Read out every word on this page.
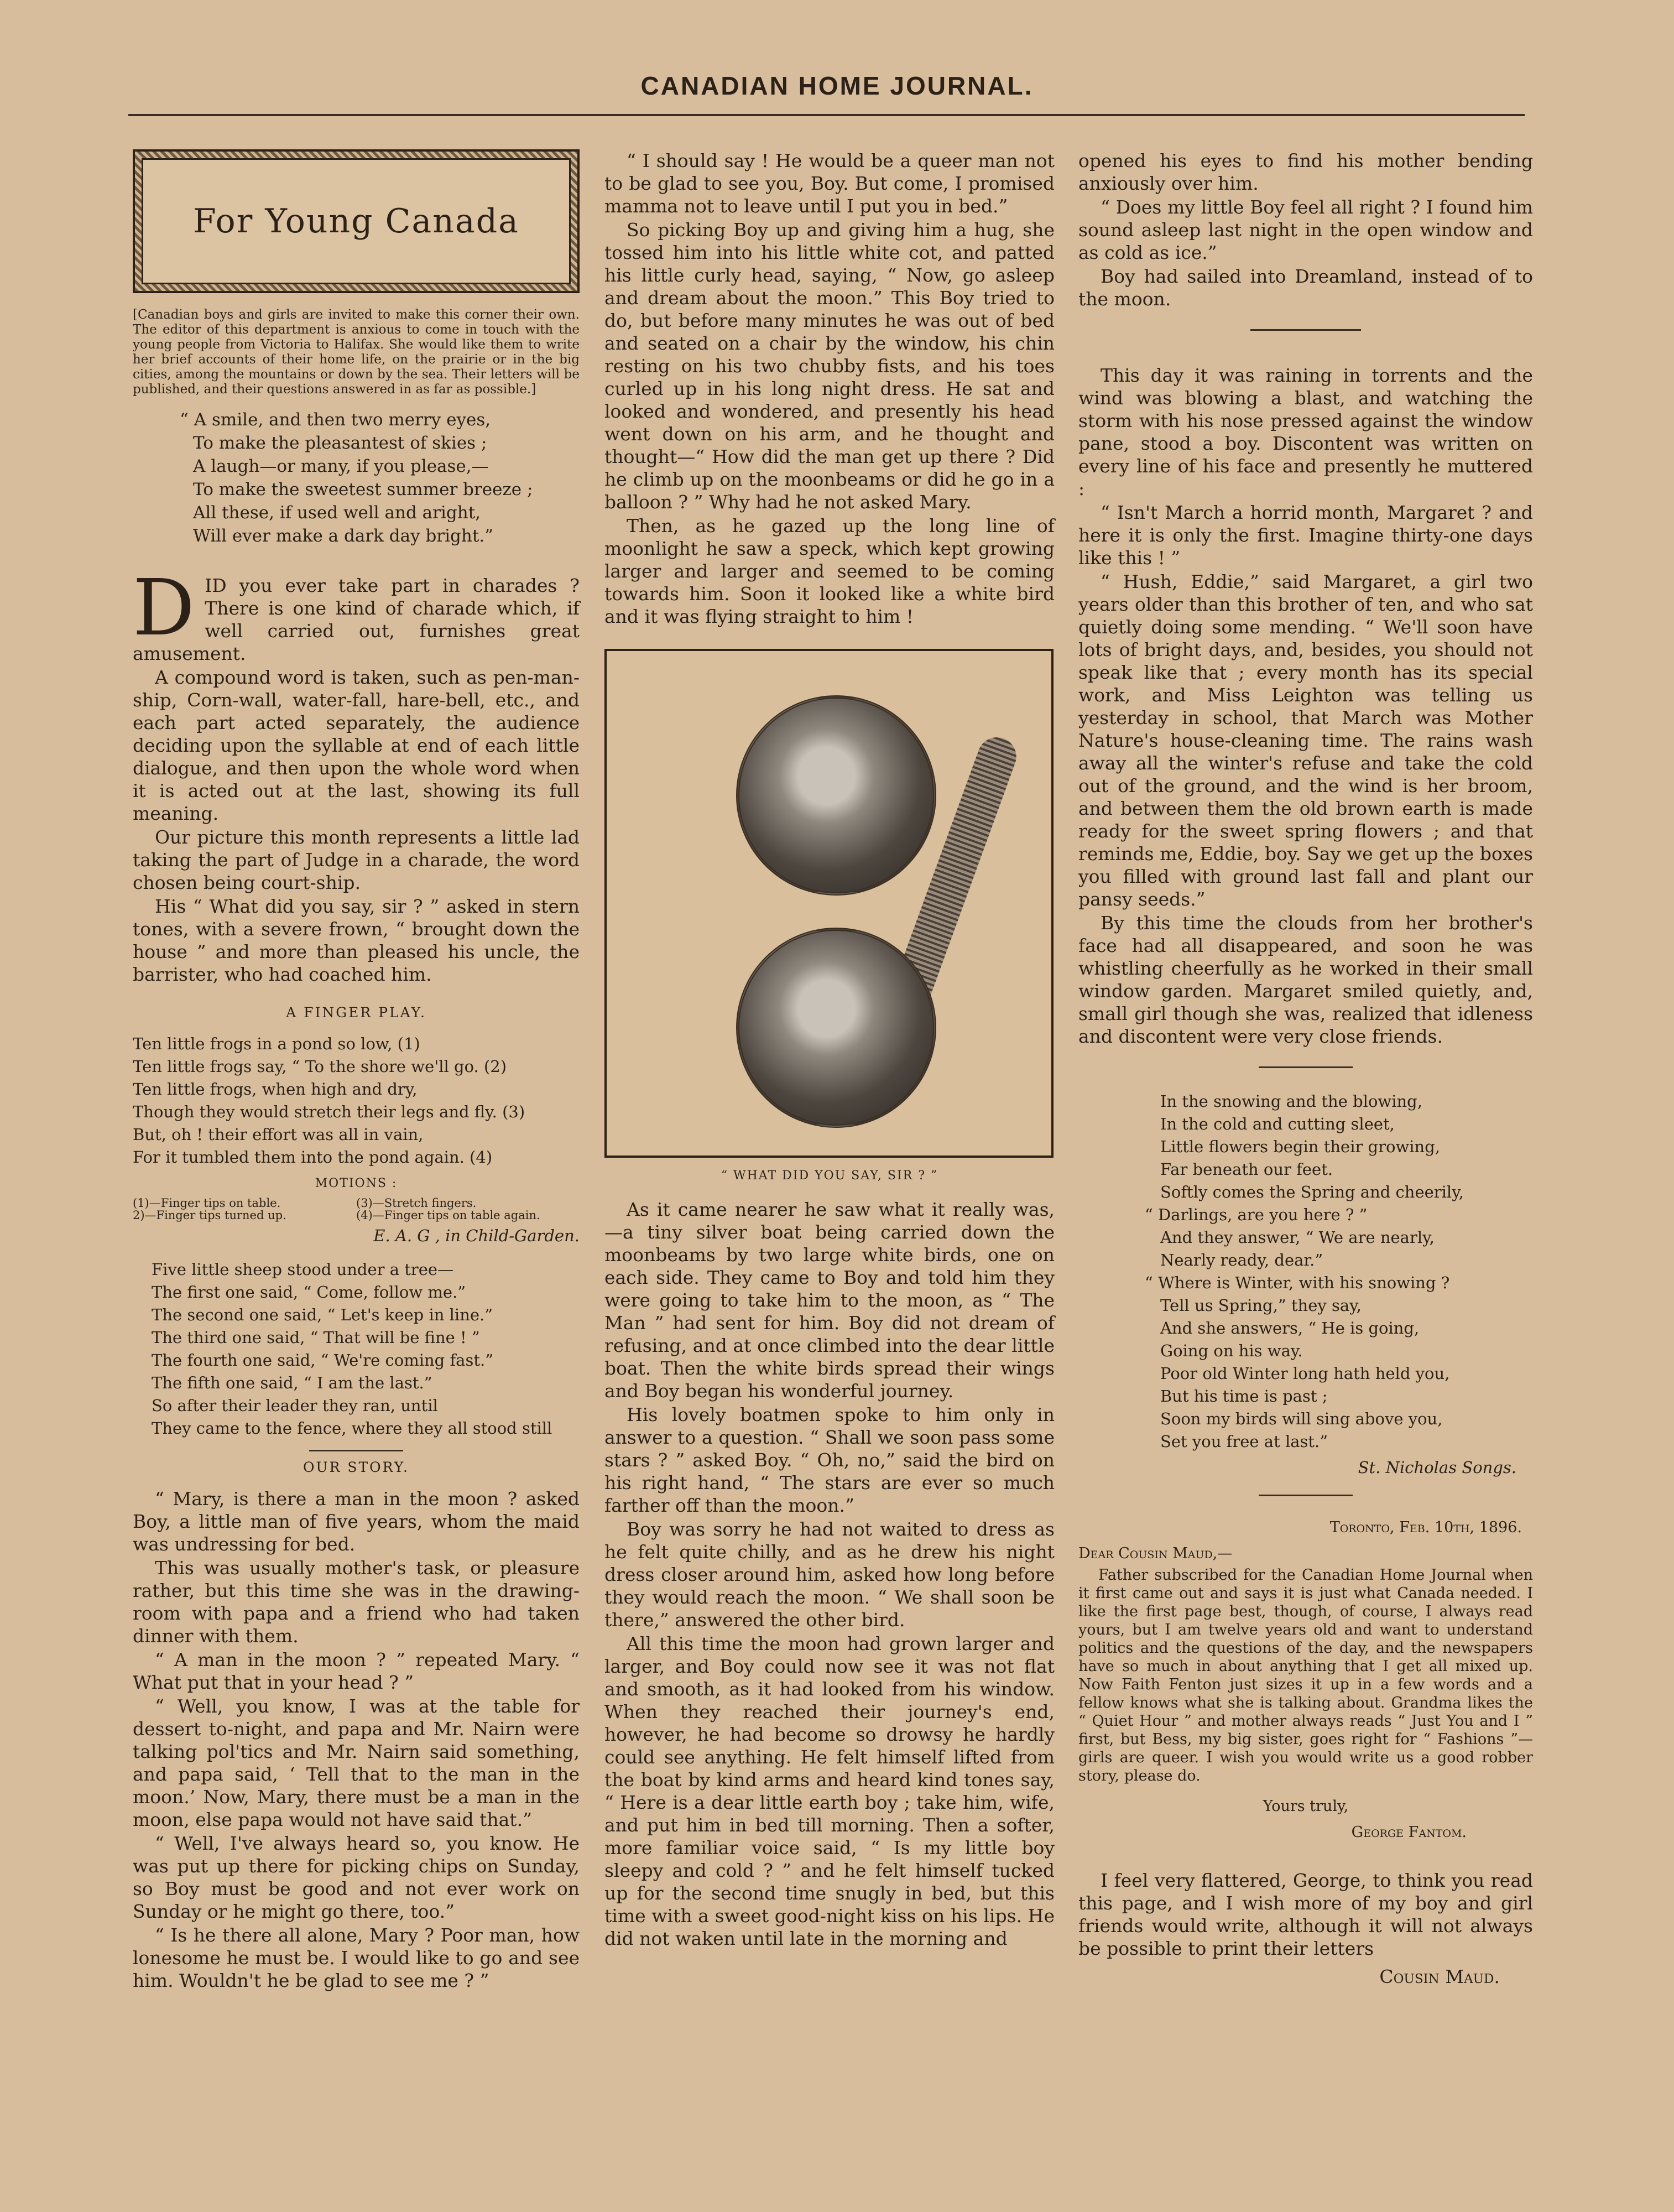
CANADIAN HOME JOURNAL.
For Young Canada
[Canadian boys and girls are invited to make this corner their own. The editor of this department is anxious to come in touch with the young people from Victoria to Halifax. She would like them to write her brief accounts of their home life, on the prairie or in the big cities, among the mountains or down by the sea. Their letters will be published, and their questions answered in as far as possible.]
“ A smile, and then two merry eyes,
To make the pleasantest of skies ;
A laugh—or many, if you please,—
To make the sweetest summer breeze ;
All these, if used well and aright,
Will ever make a dark day bright.”

DID you ever take part in charades ? There is one kind of charade which, if well carried out, furnishes great amusement.

A compound word is taken, such as pen-man-ship, Corn-wall, water-fall, hare-bell, etc., and each part acted separately, the audience deciding upon the syllable at end of each little dialogue, and then upon the whole word when it is acted out at the last, showing its full meaning.

Our picture this month represents a little lad taking the part of Judge in a charade, the word chosen being court-ship.

His “ What did you say, sir ? ” asked in stern tones, with a severe frown, “ brought down the house ” and more than pleased his uncle, the barrister, who had coached him.

A FINGER PLAY.
Ten little frogs in a pond so low, (1)
Ten little frogs say, “ To the shore we'll go. (2)
Ten little frogs, when high and dry,
Though they would stretch their legs and fly. (3)
But, oh ! their effort was all in vain,
For it tumbled them into the pond again. (4)
MOTIONS :
(1)—Finger tips on table.	(3)—Stretch fingers.
2)—Finger tips turned up.	(4)—Finger tips on table again.
E. A. G , in Child-Garden.
Five little sheep stood under a tree—
The first one said, “ Come, follow me.”
The second one said, “ Let's keep in line.”
The third one said, “ That will be fine ! ”
The fourth one said, “ We're coming fast.”
The fifth one said, “ I am the last.”
So after their leader they ran, until
They came to the fence, where they all stood still
OUR STORY.

“ Mary, is there a man in the moon ? asked Boy, a little man of five years, whom the maid was undressing for bed.

This was usually mother's task, or pleasure rather, but this time she was in the drawing-room with papa and a friend who had taken dinner with them.

“ A man in the moon ? ” repeated Mary. “ What put that in your head ? ”

“ Well, you know, I was at the table for dessert to-night, and papa and Mr. Nairn were talking pol'tics and Mr. Nairn said something, and papa said, ‘ Tell that to the man in the moon.’ Now, Mary, there must be a man in the moon, else papa would not have said that.”

“ Well, I've always heard so, you know. He was put up there for picking chips on Sunday, so Boy must be good and not ever work on Sunday or he might go there, too.”

“ Is he there all alone, Mary ? Poor man, how lonesome he must be. I would like to go and see him. Wouldn't he be glad to see me ? ”

“ I should say ! He would be a queer man not to be glad to see you, Boy. But come, I promised mamma not to leave until I put you in bed.”

So picking Boy up and giving him a hug, she tossed him into his little white cot, and patted his little curly head, saying, “ Now, go asleep and dream about the moon.” This Boy tried to do, but before many minutes he was out of bed and seated on a chair by the window, his chin resting on his two chubby fists, and his toes curled up in his long night dress. He sat and looked and wondered, and presently his head went down on his arm, and he thought and thought—“ How did the man get up there ? Did he climb up on the moonbeams or did he go in a balloon ? ” Why had he not asked Mary.

Then, as he gazed up the long line of moonlight he saw a speck, which kept growing larger and larger and seemed to be coming towards him. Soon it looked like a white bird and it was flying straight to him !

“ WHAT DID YOU SAY, SIR ? ”

As it came nearer he saw what it really was,—a tiny silver boat being carried down the moonbeams by two large white birds, one on each side. They came to Boy and told him they were going to take him to the moon, as “ The Man ” had sent for him. Boy did not dream of refusing, and at once climbed into the dear little boat. Then the white birds spread their wings and Boy began his wonderful journey.

His lovely boatmen spoke to him only in answer to a question. “ Shall we soon pass some stars ? ” asked Boy. “ Oh, no,” said the bird on his right hand, “ The stars are ever so much farther off than the moon.”

Boy was sorry he had not waited to dress as he felt quite chilly, and as he drew his night dress closer around him, asked how long before they would reach the moon. “ We shall soon be there,” answered the other bird.

All this time the moon had grown larger and larger, and Boy could now see it was not flat and smooth, as it had looked from his window. When they reached their journey's end, however, he had become so drowsy he hardly could see anything. He felt himself lifted from the boat by kind arms and heard kind tones say, “ Here is a dear little earth boy ; take him, wife, and put him in bed till morning. Then a softer, more familiar voice said, “ Is my little boy sleepy and cold ? ” and he felt himself tucked up for the second time snugly in bed, but this time with a sweet good-night kiss on his lips. He did not waken until late in the morning and

opened his eyes to find his mother bending anxiously over him.

“ Does my little Boy feel all right ? I found him sound asleep last night in the open window and as cold as ice.”

Boy had sailed into Dreamland, instead of to the moon.

This day it was raining in torrents and the wind was blowing a blast, and watching the storm with his nose pressed against the window pane, stood a boy. Discontent was written on every line of his face and presently he muttered :

“ Isn't March a horrid month, Margaret ? and here it is only the first. Imagine thirty-one days like this ! ”

“ Hush, Eddie,” said Margaret, a girl two years older than this brother of ten, and who sat quietly doing some mending. “ We'll soon have lots of bright days, and, besides, you should not speak like that ; every month has its special work, and Miss Leighton was telling us yesterday in school, that March was Mother Nature's house-cleaning time. The rains wash away all the winter's refuse and take the cold out of the ground, and the wind is her broom, and between them the old brown earth is made ready for the sweet spring flowers ; and that reminds me, Eddie, boy. Say we get up the boxes you filled with ground last fall and plant our pansy seeds.”

By this time the clouds from her brother's face had all disappeared, and soon he was whistling cheerfully as he worked in their small window garden. Margaret smiled quietly, and, small girl though she was, realized that idleness and discontent were very close friends.

In the snowing and the blowing,
In the cold and cutting sleet,
Little flowers begin their growing,
Far beneath our feet.
Softly comes the Spring and cheerily,
“ Darlings, are you here ? ”
And they answer, “ We are nearly,
Nearly ready, dear.”
“ Where is Winter, with his snowing ?
Tell us Spring,” they say,
And she answers, “ He is going,
Going on his way.
Poor old Winter long hath held you,
But his time is past ;
Soon my birds will sing above you,
Set you free at last.”
St. Nicholas Songs.
Toronto, Feb. 10th, 1896.
Dear Cousin Maud,—

Father subscribed for the Canadian Home Journal when it first came out and says it is just what Canada needed. I like the first page best, though, of course, I always read yours, but I am twelve years old and want to understand politics and the questions of the day, and the newspapers have so much in about anything that I get all mixed up. Now Faith Fenton just sizes it up in a few words and a fellow knows what she is talking about. Grandma likes the “ Quiet Hour ” and mother always reads “ Just You and I ” first, but Bess, my big sister, goes right for “ Fashions ”—girls are queer. I wish you would write us a good robber story, please do.

Yours truly,
George Fantom.

I feel very flattered, George, to think you read this page, and I wish more of my boy and girl friends would write, although it will not always be possible to print their letters

Cousin Maud.
